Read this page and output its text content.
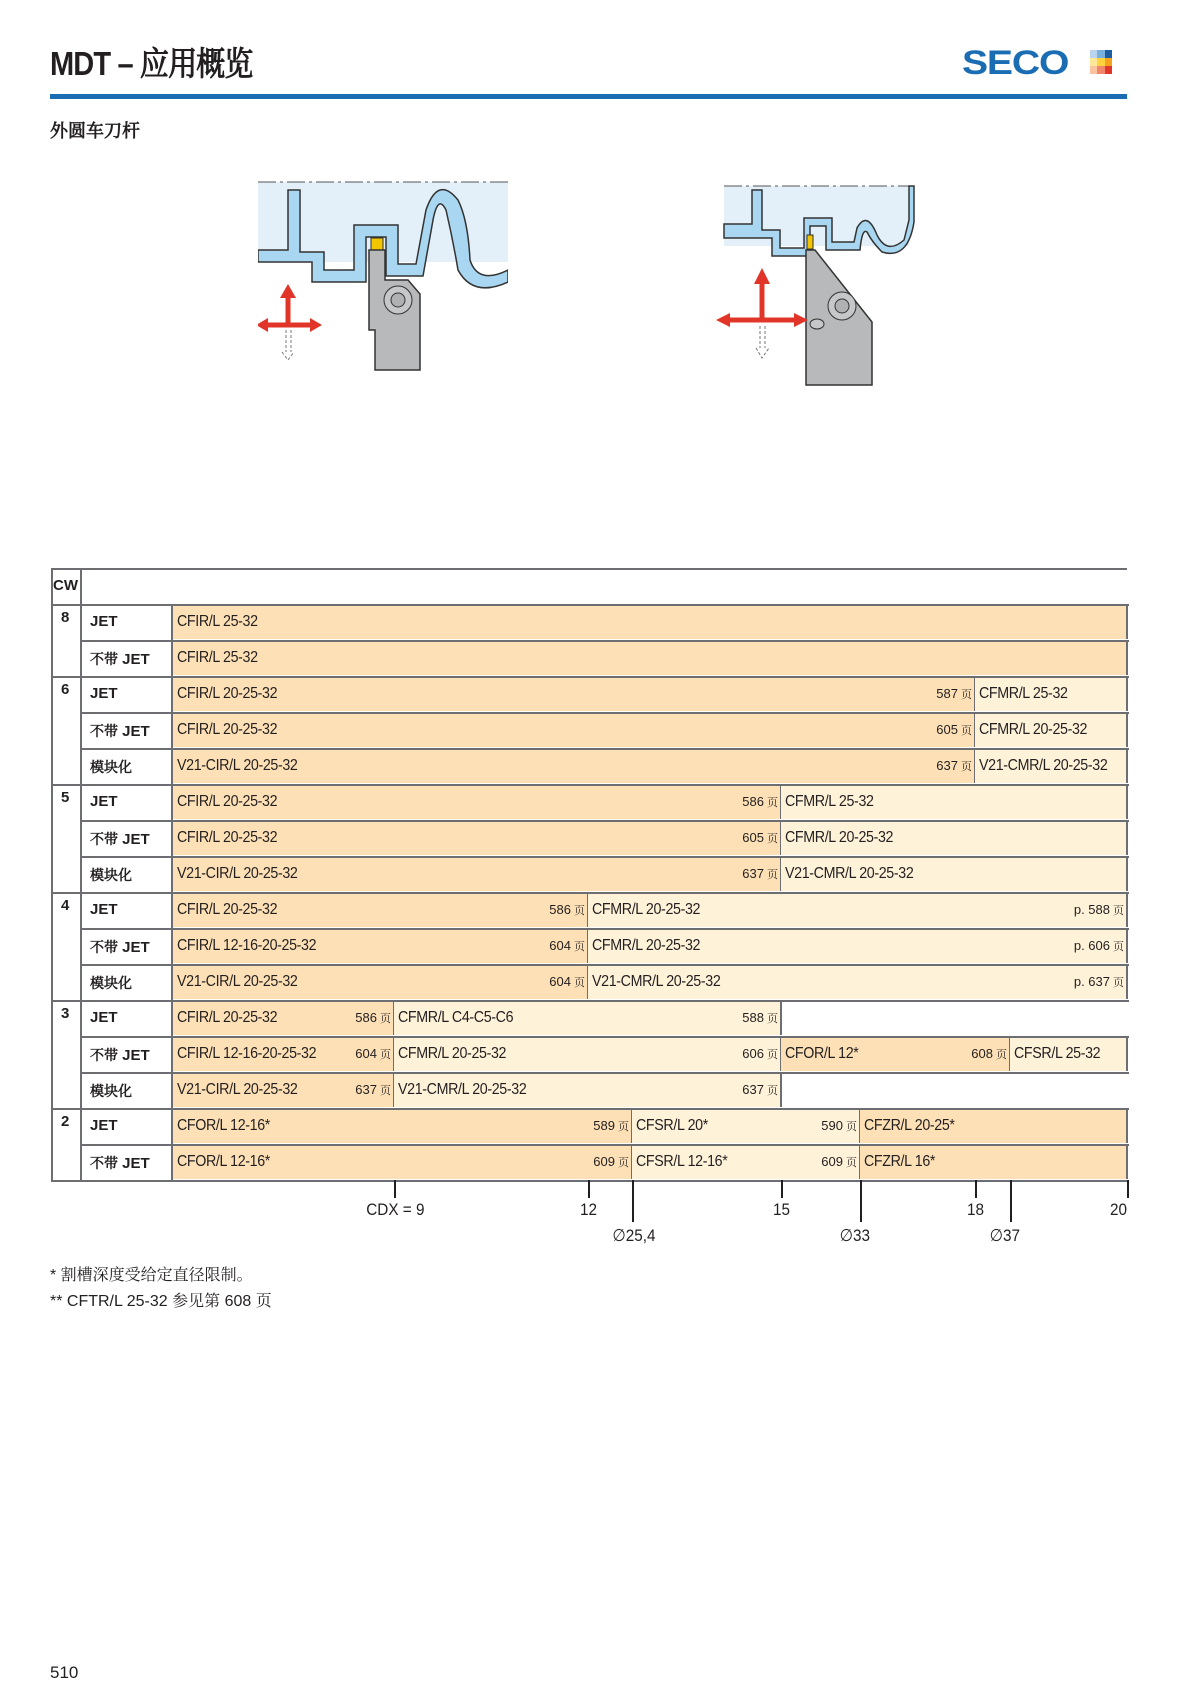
MDT – 应用概览	SECO
外圆车刀杆
CW
8 JET	CFIR/L 25-32
不带 JET CFIR/L 25-32
6 JET	CFIR/L 20-25-32	587 页 CFMR/L 25-32
不带 JET CFIR/L 20-25-32	605 页 CFMR/L 20-25-32
模块化	V21-CIR/L 20-25-32	637 页 V21-CMR/L 20-25-32
5 JET	CFIR/L 20-25-32	586 页 CFMR/L 25-32
不带 JET CFIR/L 20-25-32	605 页 CFMR/L 20-25-32
模块化	V21-CIR/L 20-25-32	637 页 V21-CMR/L 20-25-32
4 JET	CFIR/L 20-25-32	586 页 CFMR/L 20-25-32	p. 588 页
不带 JET CFIR/L 12-16-20-25-32	604 页 CFMR/L 20-25-32	p. 606 页
模块化	V21-CIR/L 20-25-32	604 页 V21-CMR/L 20-25-32	p. 637 页
3 JET	CFIR/L 20-25-32	586 页 CFMR/L C4-C5-C6	588 页
不带 JET CFIR/L 12-16-20-25-32	604 页 CFMR/L 20-25-32	606 页 CFOR/L 12*	608 页 CFSR/L 25-32
模块化	V21-CIR/L 20-25-32	637 页 V21-CMR/L 20-25-32	637 页
2 JET	CFOR/L 12-16*	589 页 CFSR/L 20*	590 页 CFZR/L 20-25*
不带 JET CFOR/L 12-16*	609 页 CFSR/L 12-16*	609 页 CFZR/L 16*
CDX = 9	12	15	18	20
∅25,4	∅33	∅37
* 割槽深度受给定直径限制。
** CFTR/L 25-32 参见第 608 页
510
